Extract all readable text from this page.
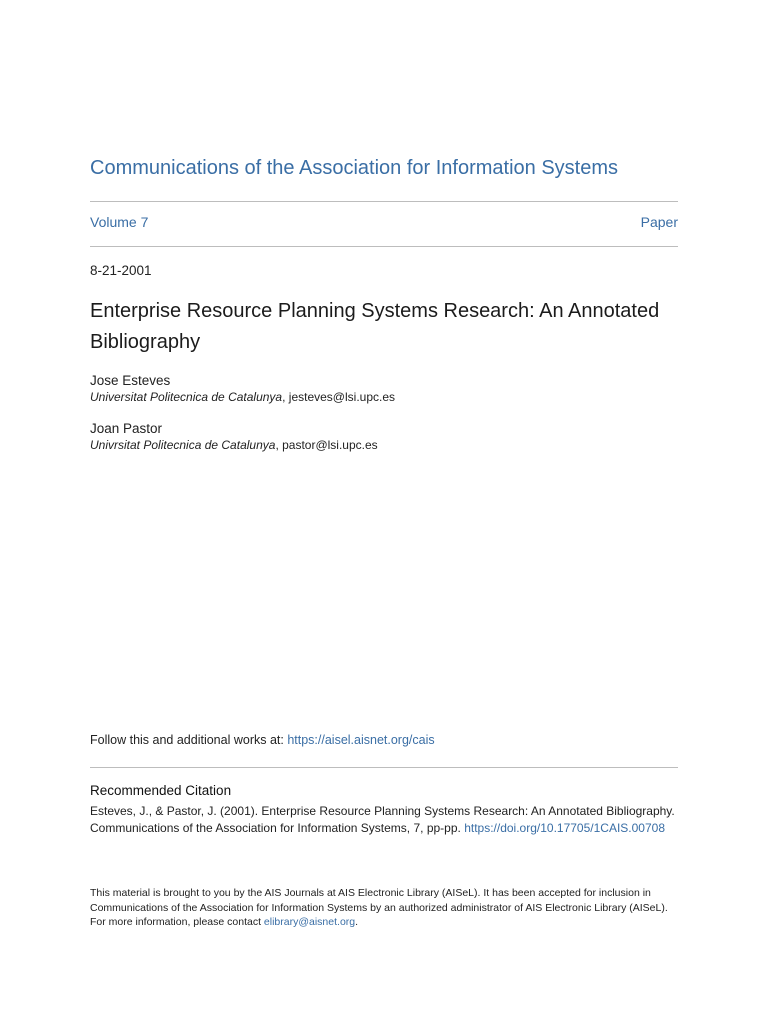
Communications of the Association for Information Systems
Volume 7	Paper
8-21-2001
Enterprise Resource Planning Systems Research: An Annotated Bibliography
Jose Esteves
Universitat Politecnica de Catalunya, jesteves@lsi.upc.es
Joan Pastor
Univrsitat Politecnica de Catalunya, pastor@lsi.upc.es
Follow this and additional works at: https://aisel.aisnet.org/cais
Recommended Citation
Esteves, J., & Pastor, J. (2001). Enterprise Resource Planning Systems Research: An Annotated Bibliography. Communications of the Association for Information Systems, 7, pp-pp. https://doi.org/10.17705/1CAIS.00708
This material is brought to you by the AIS Journals at AIS Electronic Library (AISeL). It has been accepted for inclusion in Communications of the Association for Information Systems by an authorized administrator of AIS Electronic Library (AISeL). For more information, please contact elibrary@aisnet.org.
